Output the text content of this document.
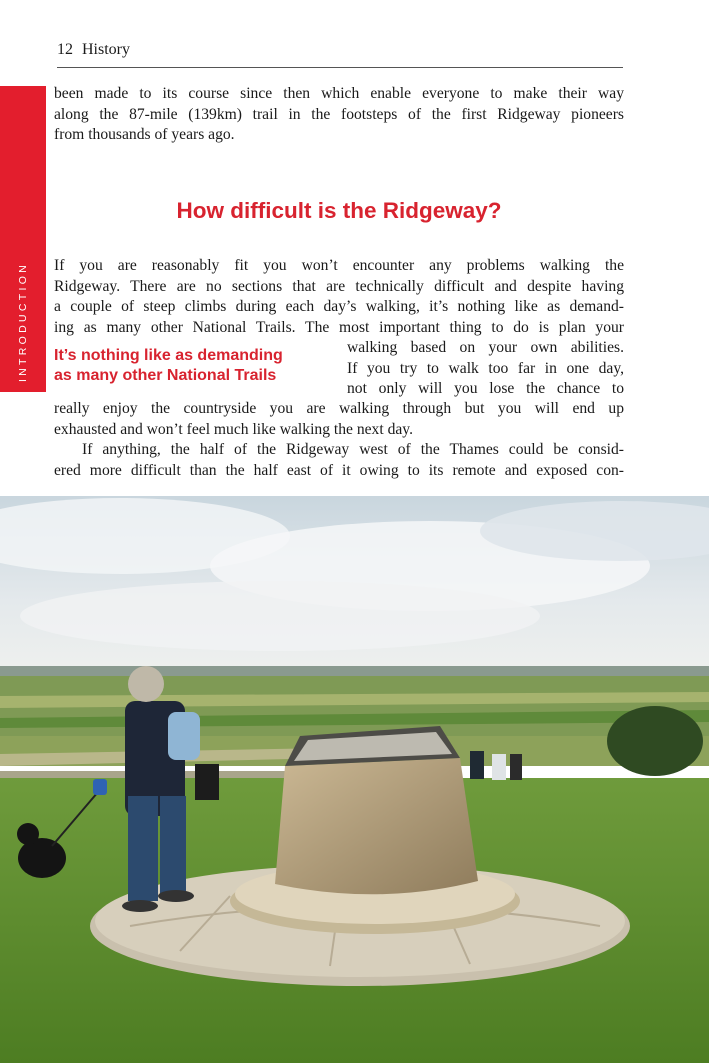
12 History
INTRODUCTION

been made to its course since then which enable everyone to make their way
along the 87-mile (139km) trail in the footsteps of the first Ridgeway pioneers
from thousands of years ago.

How difficult is the Ridgeway?

If you are reasonably fit you won’t encounter any problems walking the
Ridgeway. There are no sections that are technically difficult and despite having
a couple of steep climbs during each day’s walking, it’s nothing like as demand-
ing as many other National Trails. The most important thing to do is plan your

It’s nothing like as demanding
as many other National Trails

walking based on your own abilities.
If you try to walk too far in one day,
not only will you lose the chance to

really enjoy the countryside you are walking through but you will end up
exhausted and won’t feel much like walking the next day.

If anything, the half of the Ridgeway west of the Thames could be consid-
ered more difficult than the half east of it owing to its remote and exposed con-
